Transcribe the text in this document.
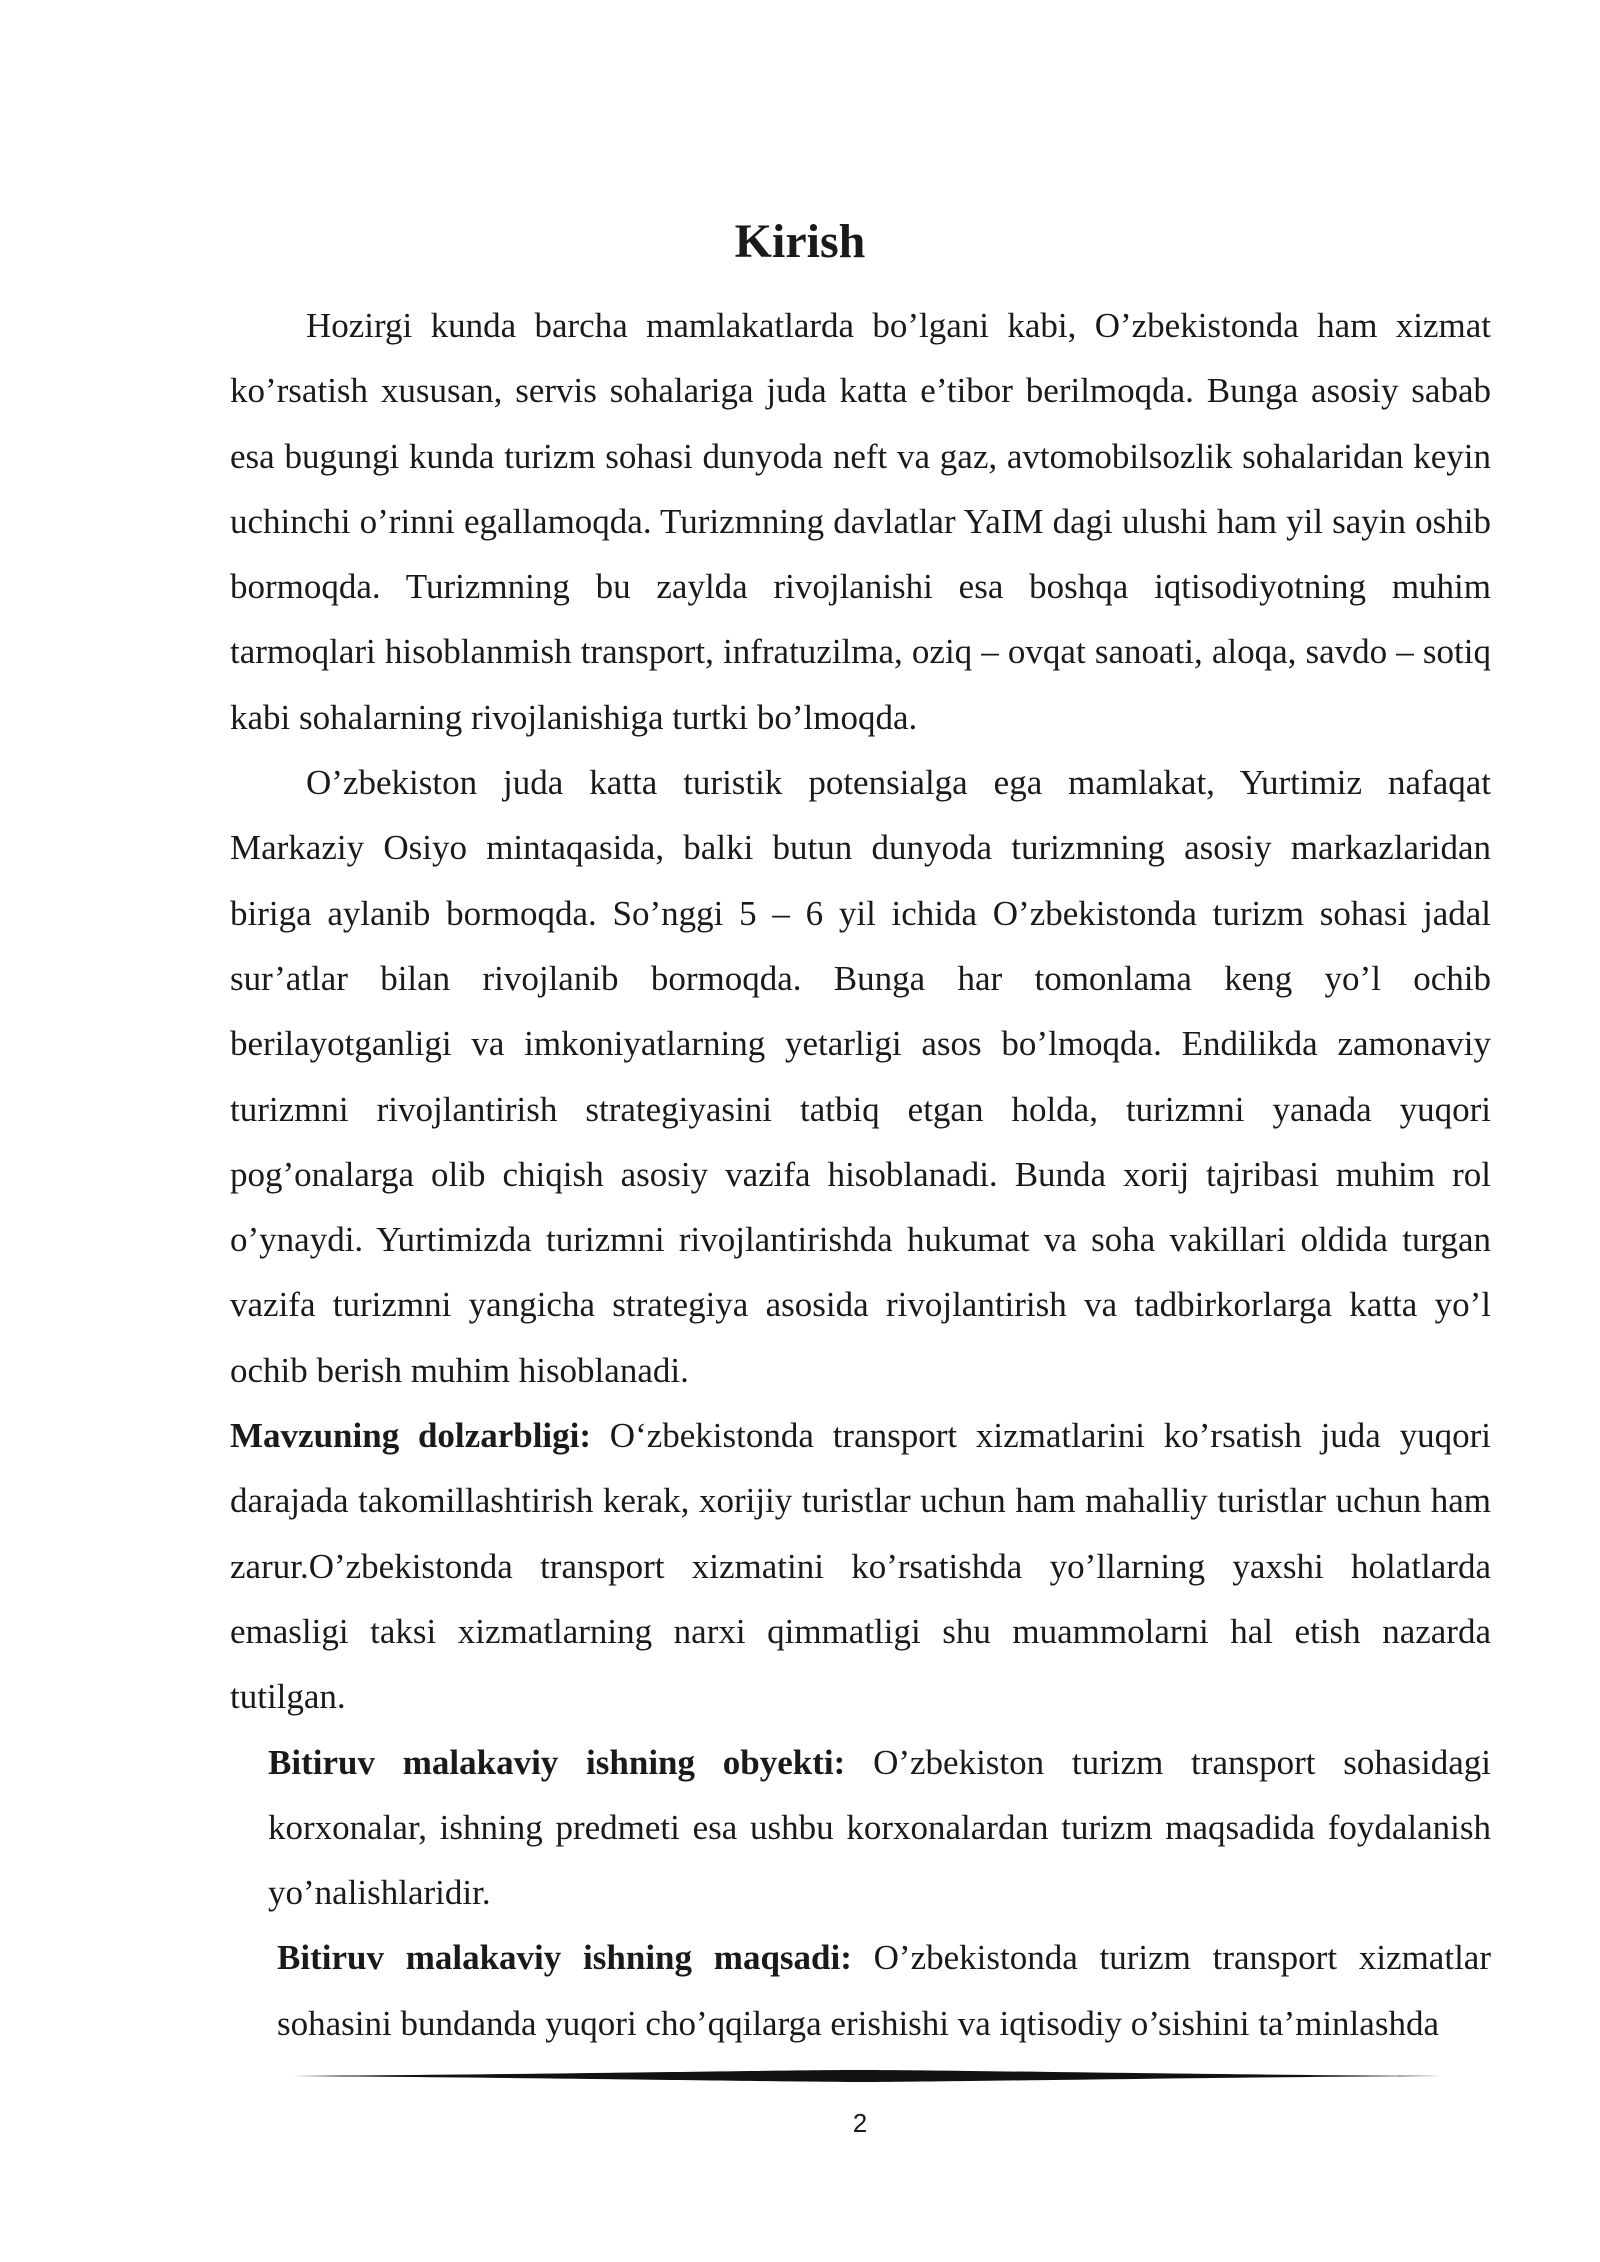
Kirish

Hozirgi kunda barcha mamlakatlarda bo’lgani kabi, O’zbekistonda ham xizmat ko’rsatish xususan, servis sohalariga juda katta e’tibor berilmoqda. Bunga asosiy sabab esa bugungi kunda turizm sohasi dunyoda neft va gaz, avtomobilsozlik sohalaridan keyin uchinchi o’rinni egallamoqda. Turizmning davlatlar YaIM dagi ulushi ham yil sayin oshib bormoqda. Turizmning bu zaylda rivojlanishi esa boshqa iqtisodiyotning muhim tarmoqlari hisoblanmish transport, infratuzilma, oziq – ovqat sanoati, aloqa, savdo – sotiq kabi sohalarning rivojlanishiga turtki bo’lmoqda.

O’zbekiston juda katta turistik potensialga ega mamlakat, Yurtimiz nafaqat Markaziy Osiyo mintaqasida, balki butun dunyoda turizmning asosiy markazlaridan biriga aylanib bormoqda. So’nggi 5 – 6 yil ichida O’zbekistonda turizm sohasi jadal sur’atlar bilan rivojlanib bormoqda. Bunga har tomonlama keng yo’l ochib berilayotganligi va imkoniyatlarning yetarligi asos bo’lmoqda. Endilikda zamonaviy turizmni rivojlantirish strategiyasini tatbiq etgan holda, turizmni yanada yuqori pog’onalarga olib chiqish asosiy vazifa hisoblanadi. Bunda xorij tajribasi muhim rol o’ynaydi. Yurtimizda turizmni rivojlantirishda hukumat va soha vakillari oldida turgan vazifa turizmni yangicha strategiya asosida rivojlantirish va tadbirkorlarga katta yo’l ochib berish muhim hisoblanadi.

Mavzuning dolzarbligi: O‘zbekistonda transport xizmatlarini ko’rsatish juda yuqori darajada takomillashtirish kerak, xorijiy turistlar uchun ham mahalliy turistlar uchun ham zarur.O’zbekistonda transport xizmatini ko’rsatishda yo’llarning yaxshi holatlarda emasligi taksi xizmatlarning narxi qimmatligi shu muammolarni hal etish nazarda tutilgan.

Bitiruv malakaviy ishning obyekti: O’zbekiston turizm transport sohasidagi korxonalar, ishning predmeti esa ushbu korxonalardan turizm maqsadida foydalanish yo’nalishlaridir.

Bitiruv malakaviy ishning maqsadi: O’zbekistonda turizm transport xizmatlar sohasini bundanda yuqori cho’qqilarga erishishi va iqtisodiy o’sishini ta’minlashda

2
